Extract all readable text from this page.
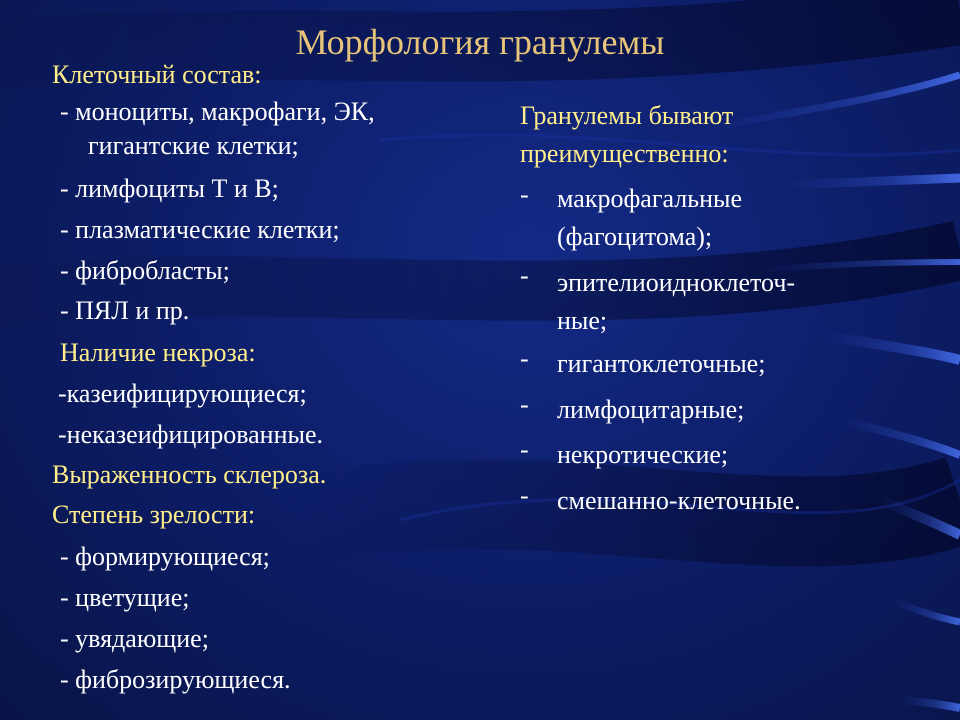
Морфология гранулемы
Клеточный состав:
- моноциты, макрофаги, ЭК,
гигантские клетки;
- лимфоциты Т и В;
- плазматические клетки;
- фибробласты;
- ПЯЛ и пр.
Наличие некроза:
-казеифицирующиеся;
-неказеифицированные.
Выраженность склероза.
Степень зрелости:
- формирующиеся;
- цветущие;
- увядающие;
- фиброзирующиеся.
Гранулемы бывают
преимущественно:
- макрофагальные
(фагоцитома);
- эпителиоидноклеточ-
ные;
- гигантоклеточные;
- лимфоцитарные;
- некротические;
- смешанно-клеточные.
